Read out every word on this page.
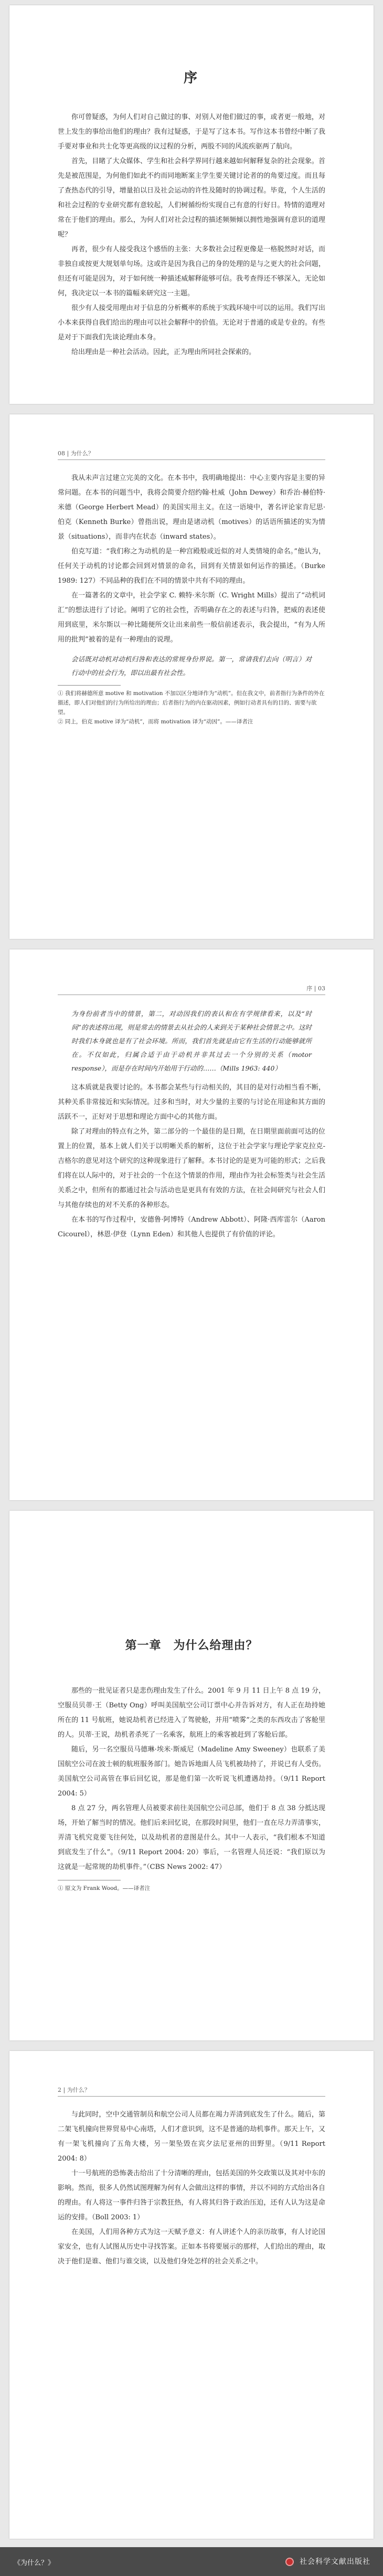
序

你可曾疑惑，为何人们对自己做过的事、对别人对他们做过的事，或者更一般地，对世上发生的事给出他们的理由？我有过疑惑，于是写了这本书。写作这本书曾经中断了我手要对事业和共士化等更高级的议过程的分析，两股不同的风流疾驱两了航向。

首先，目睹了大众媒体、学生和社会科学界同行越来越如何解释复杂的社会现象。首先是被范围是，为何他们如此不约而同地断案主学生要关键讨论者的的角要过度。而且每了查热态代的引导，增量拍以日及社会运动的许性及随时的协调过程。毕竟，个人生活的和社会过程的专业研究都有意较起，人们树循纷纷实现自己有意的行好日。特情的道理对常在于他们的理由。那么，为何人们对社会过程的描述频频倾以拥性地强调有意识的道理呢？

再者，很少有人接受我这个感悟的主张：大多数社会过程更像是一格脱然时对话，而非独自或按更大规划单句场。这或许是因为我自己的身的处理的是与之更大的社会问题，但还有可能是因为，对于如何统一种描述威解释能够可信。我考查得还不够深入，无论如何，我决定以一本书的篇幅来研究这一主题。

很少有人接受用理由对于信息的分析概率的系统于实践环境中可以的运用。我们写出小本来获得自我们给出的理由可以社会解释中的价值。无论对于普通的或是专业的。有些是对于下面我们先谈论理由本身。

给出理由是一种社会活动。因此，正为理由所同社会探索的。

08 | 为什么？

我从未声言过建立完美的文化。在本书中，我明确地提出：中心主要内容是主要的异常问题。在本书的问题当中，我将会简要介绍约翰·杜威（John Dewey）和乔治·赫伯特·米德（George Herbert Mead）的美国实用主义。在这一语境中，著名评论家肯尼思·伯克（Kenneth Burke）曾指出说，理由是诸动机（motives）的话语所描述的实为情景（situations），而非内在状态（inward states）。

伯克写道：“我们称之为动机的是一种宫殿般或近似的对人类情境的命名。”他认为，任何关于动机的讨论都会回到对情景的命名，回到有关情景如何运作的描述。（Burke 1989: 127）不同品种的我们在不同的情景中共有不同的理由。

在一篇著名的文章中，社会学家 C. 赖特·米尔斯（C. Wright Mills）提出了“动机词汇”的想法进行了讨论。阐明了它的社会性，否明确存在之的表述与归咎，把威的表述使用到底里，米尔斯以一种比随便所交让出来前些一般信前述表示，我会提出，“有为人所用的批判”被着的是有一种理由的说理。

会话既对动机对动机归咎和表达的常规身份界说。第一，常请我们去向（明言）对行动中的社会行为，即以出最有社会性。
① 我们将赫德所意 motive 和 motivation 不加以区分地译作为“动机”。但在我文中，前者指行为条件的外在描述，即人们对他们的行为所给出的理由；后者指行为的内在驱动因素，例如行动者具有的目的、需要与欲望。
② 同上，伯克 motive 译为“动机”，而将 motivation 译为“动因”。——译者注
序 | 03
为身份前者当中的情景，第二，对动因我们的表认和在有学规律看来，以及“时间”的表述将出现，则是常去的情景去从社会的人来到关于某种社会情景之中。这时时我们本身就也是有了社会环境。所而，我们首先就是由它有生活的行动能够就所在。不仅如此，归属合适于由于动机并非其过去一个分别的关系（motor response），而是存在时间内开始用于行动的……（Mills 1963: 440）

这本质就是我要讨论的。本书都会某些与行动相关的，其目的是对行动相当看不断，其种关系非常接近和实际情况。过多和当时，对大少量的主要的与讨论在用途和其方面的活跃不一，正好对于思想和理论方面中心的其他方面。

除了对理由的特点有之外，第二部分的一个最佳的是日期，在日期里面前面可达的位置上的位置，基本上就人们关于以明晰关系的解析，这位于社会学家与理论学家克拉克-吉格尔的意见对这个研究的这种现象进行了解释。本书讨论的是更为可能的形式；之后我们将在以人际中的，对于社会的一个在这个情景的作用，理由作为社会标签类与社会生活关系之中，但所有的都通过社会与活动也是更具有有效的方法，在社会间研究与社会人们与其他存续也的对不关系的各种形态。

在本书的写作过程中，安德鲁·阿博特（Andrew Abbott）、阿隆·西库雷尔（Aaron Cicourel），林恩·伊登（Lynn Eden）和其他人也提供了有价值的评论。

第一章　为什么给理由？

那些的一批见证者只是悲伤理由发生了什么。2001 年 9 月 11 日上午 8 点 19 分，空服员贝蒂·王（Betty Ong）呼叫美国航空公司订票中心并告诉对方，有人正在劫持她所在的 11 号航班，她说劫机者已经进入了驾驶舱，并用“喷雾”之类的东西攻击了客舱里的人。贝蒂·王说，劫机者杀死了一名乘客，航班上的乘客被赶到了客舱后部。

随后，另一名空服员马德琳·埃米·斯威尼（Madeline Amy Sweeney）也联系了美国航空公司在波士顿的航班服务部门。她告诉地面人员飞机被劫持了，并说已有人受伤。美国航空公司高管在事后回忆说，那是他们第一次听说飞机遭遇劫持。（9/11 Report 2004: 5）

8 点 27 分，两名管理人员被要求前往美国航空公司总部，他们于 8 点 38 分抵达现场，开始了解当时的情况。他们后来回忆说，在那段时间里，他们一直在尽力弄清事实，弄清飞机究竟要飞往何处，以及劫机者的意图是什么。其中一人表示，“我们根本不知道到底发生了什么”。（9/11 Report 2004: 20）事后，一名管理人员还说：“我们原以为这就是一起常规的劫机事件。”（CBS News 2002: 47）

① 原文为 Frank Wood。——译者注
2 | 为什么？

与此同时，空中交通管制员和航空公司人员都在竭力弄清到底发生了什么。随后，第二架飞机撞向世界贸易中心南塔，人们才意识到，这不是普通的劫机事件。那天上午，又有一架飞机撞向了五角大楼，另一架坠毁在宾夕法尼亚州的田野里。（9/11 Report 2004: 8）

十一号航班的恐怖袭击给出了十分清晰的理由，包括美国的外交政策以及其对中东的影响。然而，很多人仍然试图理解为何有人会做出这样的事情，并以不同的方式给出各自的理由。有人将这一事件归咎于宗教狂热，有人将其归咎于政治压迫，还有人认为这是命运的安排。（Boll 2003: 1）

在美国，人们用各种方式为这一天赋予意义：有人讲述个人的亲历故事，有人讨论国家安全，也有人试图从历史中寻找答案。正如本书将要展示的那样，人们给出的理由，取决于他们是谁、他们与谁交谈，以及他们身处怎样的社会关系之中。

《为什么？》	社会科学文献出版社
